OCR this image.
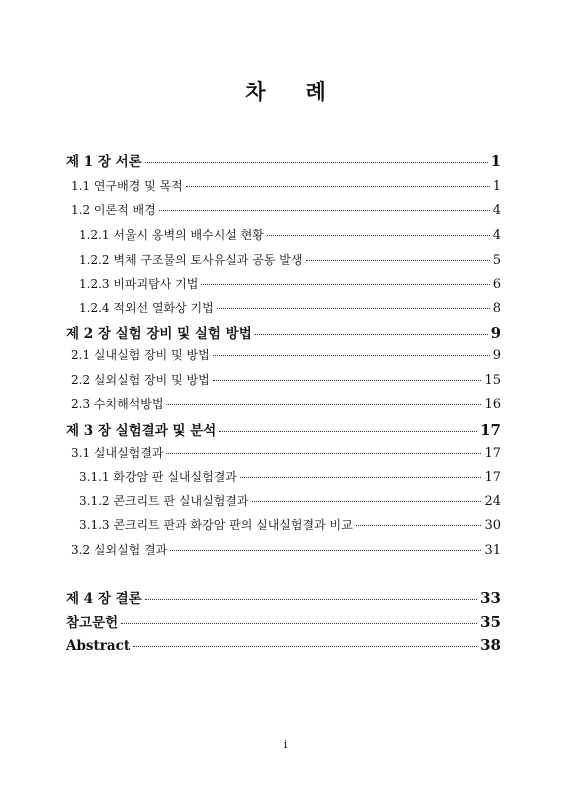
차 례
제 1 장 서론	1
1.1 연구배경 및 목적	1
1.2 이론적 배경	4
1.2.1 서울시 옹벽의 배수시설 현황	4
1.2.2 벽체 구조물의 토사유실과 공동 발생	5
1.2.3 비파괴탐사 기법	6
1.2.4 적외선 열화상 기법	8
제 2 장 실험 장비 및 실험 방법	9
2.1 실내실험 장비 및 방법	9
2.2 실외실험 장비 및 방법	15
2.3 수치해석방법	16
제 3 장 실험결과 및 분석	17
3.1 실내실험결과	17
3.1.1 화강암 판 실내실험결과	17
3.1.2 콘크리트 판 실내실험결과	24
3.1.3 콘크리트 판과 화강암 판의 실내실험결과 비교	30
3.2 실외실험 결과	31
제 4 장 결론	33
참고문헌	35
Abstract	38
i
